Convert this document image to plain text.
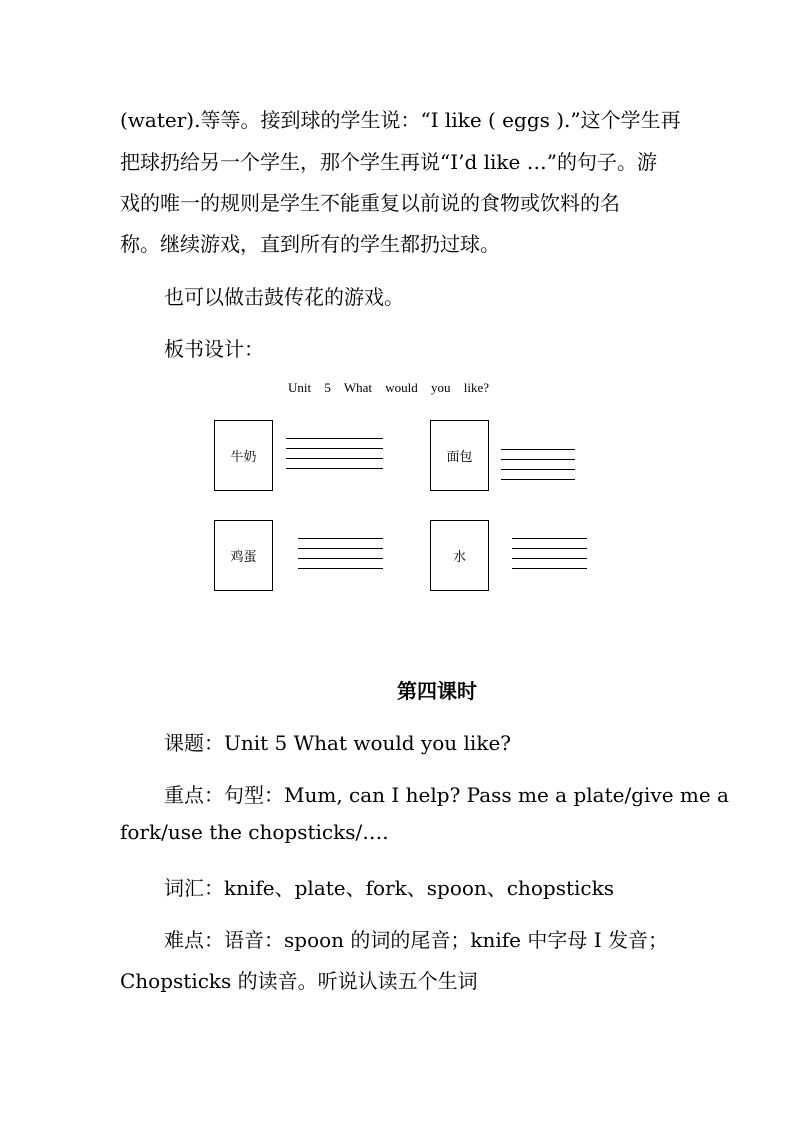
(water).等等。接到球的学生说：“I like ( eggs ).”这个学生再
把球扔给另一个学生，那个学生再说“I’d like …”的句子。游
戏的唯一的规则是学生不能重复以前说的食物或饮料的名
称。继续游戏，直到所有的学生都扔过球。
也可以做击鼓传花的游戏。
板书设计：
Unit 5 What would you like?
牛奶	面包
鸡蛋	水
第四课时
课题：Unit 5 What would you like?
重点：句型：Mum, can I help? Pass me a plate/give me a
fork/use the chopsticks/….
词汇：knife、plate、fork、spoon、chopsticks
难点：语音：spoon 的词的尾音；knife 中字母 I 发音；
Chopsticks 的读音。听说认读五个生词
